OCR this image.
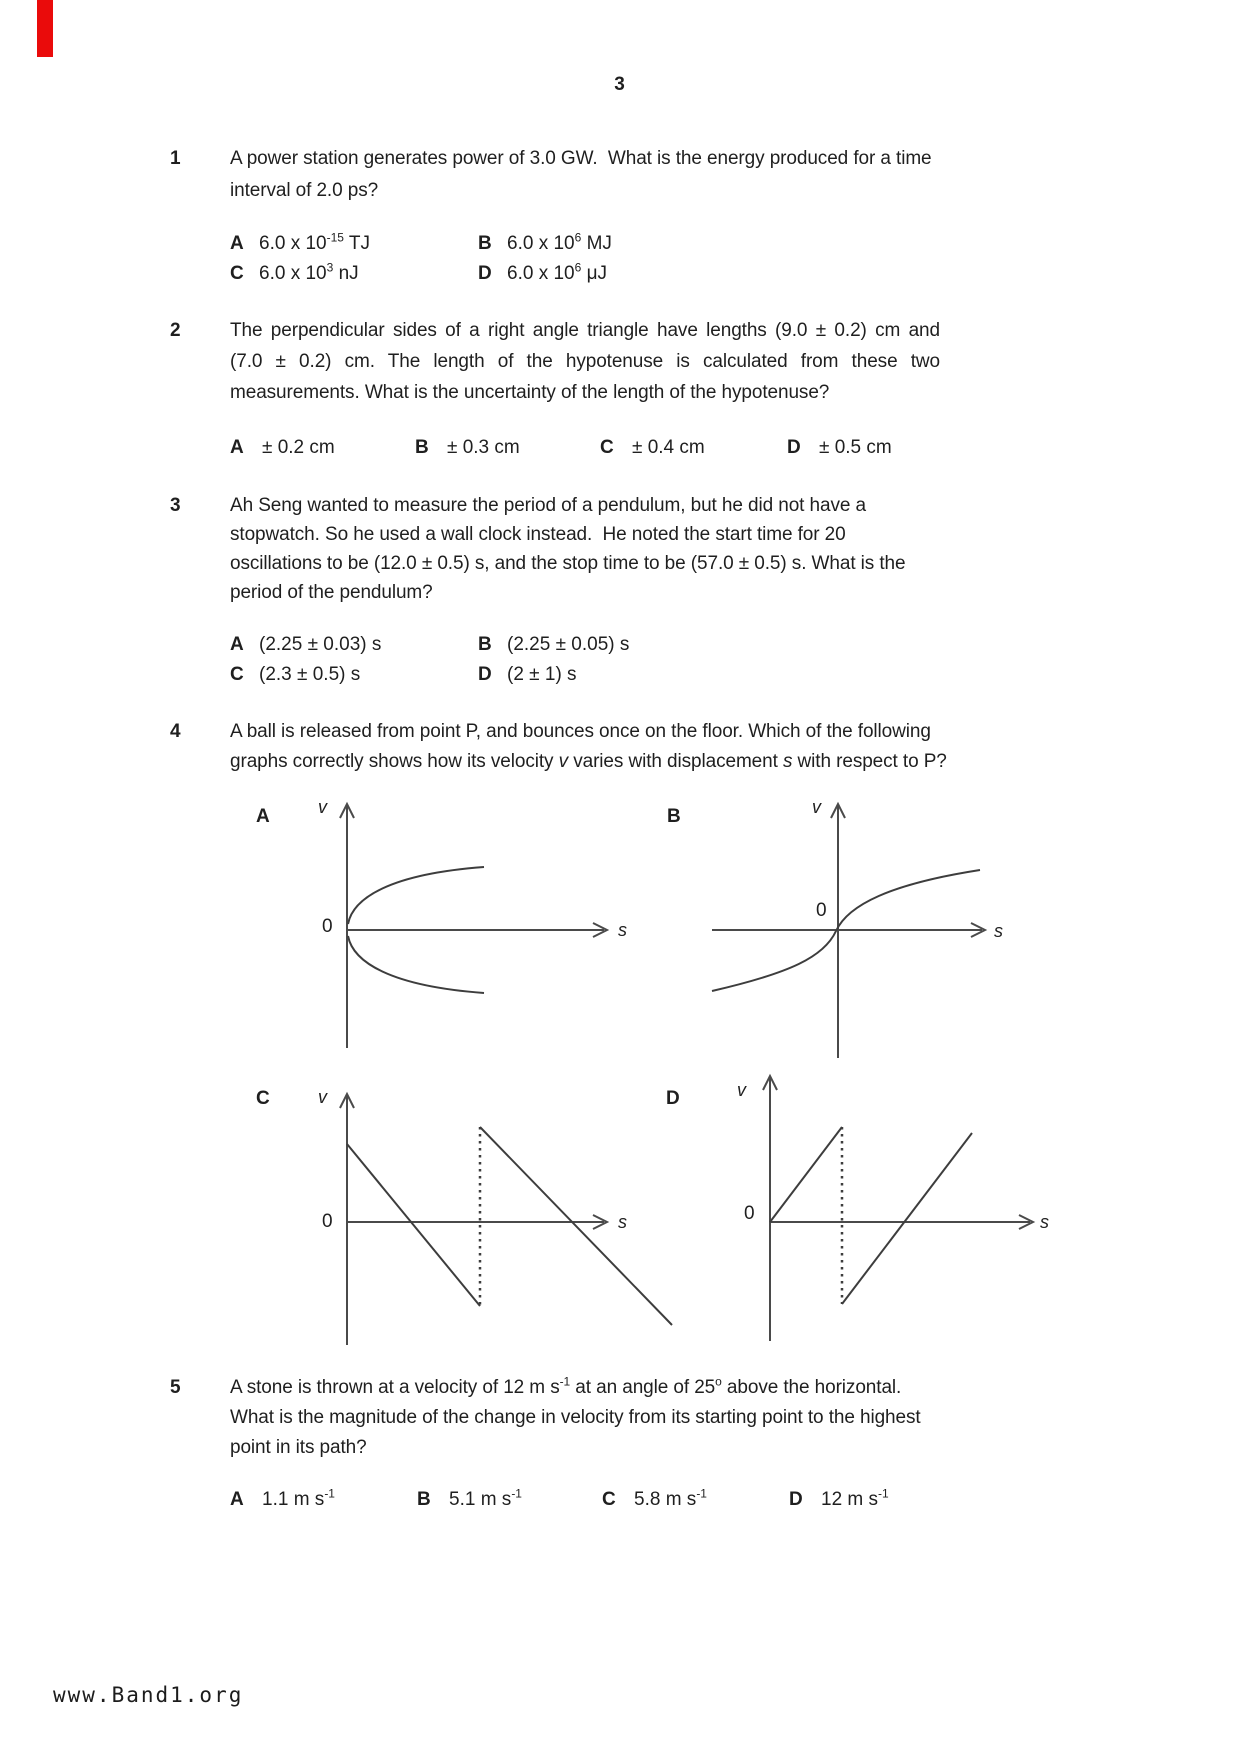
3
1	A power station generates power of 3.0 GW.  What is the energy produced for a time
interval of 2.0 ps?
A 6.0 x $10^{-15}$ TJ	B 6.0 x $10^6$ MJ
C 6.0 x $10^3$ nJ	D 6.0 x $10^6$ μJ
2	The perpendicular sides of a right angle triangle have lengths (9.0 ± 0.2) cm and
(7.0 ± 0.2) cm. The length of the hypotenuse is calculated from these two
measurements. What is the uncertainty of the length of the hypotenuse?
A ± 0.2 cm	B ± 0.3 cm	C ± 0.4 cm	D ± 0.5 cm
3	Ah Seng wanted to measure the period of a pendulum, but he did not have a
stopwatch. So he used a wall clock instead.  He noted the start time for 20
oscillations to be (12.0 ± 0.5) s, and the stop time to be (57.0 ± 0.5) s. What is the
period of the pendulum?
A (2.25 ± 0.03) s	B (2.25 ± 0.05) s
C (2.3 ± 0.5) s	D (2 ± 1) s
4	A ball is released from point P, and bounces once on the floor. Which of the following
graphs correctly shows how its velocity v varies with displacement s with respect to P?
A	v
0	s
B	v
0
s
C	v
0	s
D	v
0	s
5	A stone is thrown at a velocity of 12 m $s^{-1}$ at an angle of 25$^o$ above the horizontal.
What is the magnitude of the change in velocity from its starting point to the highest
point in its path?
A 1.1 m $s^{-1}$	B 5.1 m $s^{-1}$	C 5.8 m $s^{-1}$	D 12 m $s^{-1}$
www.Band1.org
